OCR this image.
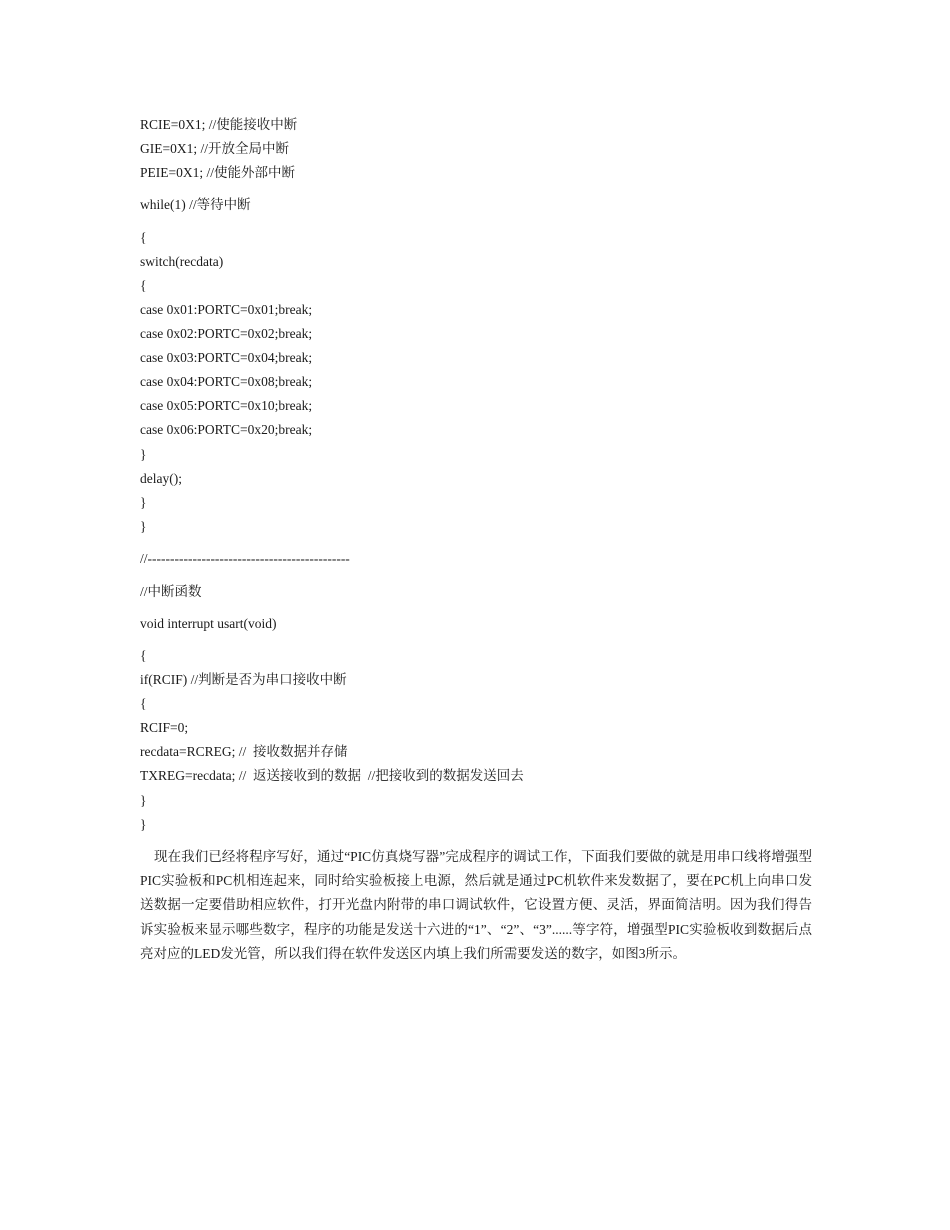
RCIE=0X1; //使能接收中断
GIE=0X1; //开放全局中断
PEIE=0X1; //使能外部中断
while(1) //等待中断
{
switch(recdata)
{
case 0x01:PORTC=0x01;break;
case 0x02:PORTC=0x02;break;
case 0x03:PORTC=0x04;break;
case 0x04:PORTC=0x08;break;
case 0x05:PORTC=0x10;break;
case 0x06:PORTC=0x20;break;
}
delay();
}
}
//---------------------------------------------
//中断函数
void interrupt usart(void)
{
if(RCIF) //判断是否为串口接收中断
{
RCIF=0;
recdata=RCREG; //  接收数据并存储
TXREG=recdata; //  返送接收到的数据  //把接收到的数据发送回去
}
}
现在我们已经将程序写好，通过“PIC仿真烧写器”完成程序的调试工作，下面我们要做的就是用串口线将增强型PIC实验板和PC机相连起来，同时给实验板接上电源，然后就是通过PC机软件来发数据了，要在PC机上向串口发送数据一定要借助相应软件，打开光盘内附带的串口调试软件，它设置方便、灵活，界面简洁明。因为我们得告诉实验板来显示哪些数字，程序的功能是发送十六进的“1”、“2”、“3”......等字符，增强型PIC实验板收到数据后点亮对应的LED发光管，所以我们得在软件发送区内填上我们所需要发送的数字，如图3所示。
